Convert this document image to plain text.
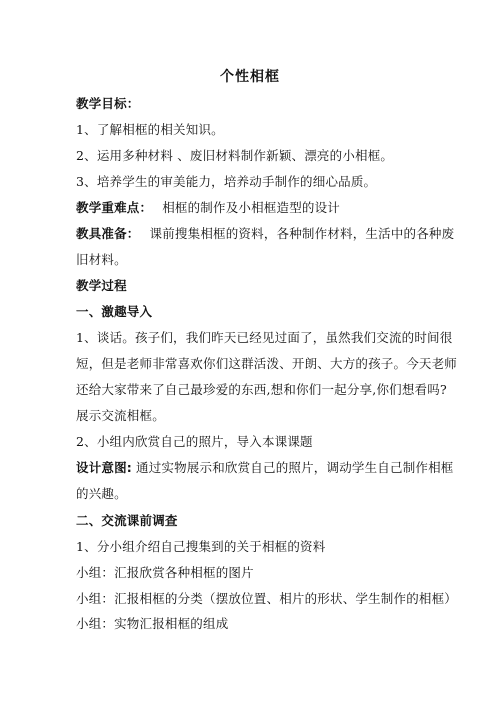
个性相框
教学目标：
1、了解相框的相关知识。
2、运用多种材料 、废旧材料制作新颖、漂亮的小相框。
3、培养学生的审美能力，培养动手制作的细心品质。
教学重难点： 相框的制作及小相框造型的设计
教具准备： 课前搜集相框的资料，各种制作材料，生活中的各种废
旧材料。
教学过程
一、激趣导入
1、谈话。孩子们，我们昨天已经见过面了，虽然我们交流的时间很
短，但是老师非常喜欢你们这群活泼、开朗、大方的孩子。今天老师
还给大家带来了自己最珍爱的东西,想和你们一起分享,你们想看吗?
展示交流相框。
2、小组内欣赏自己的照片，导入本课课题
设计意图: 通过实物展示和欣赏自己的照片，调动学生自己制作相框
的兴趣。
二、交流课前调查
1、分小组介绍自己搜集到的关于相框的资料
小组：汇报欣赏各种相框的图片
小组：汇报相框的分类（摆放位置、相片的形状、学生制作的相框）
小组：实物汇报相框的组成
